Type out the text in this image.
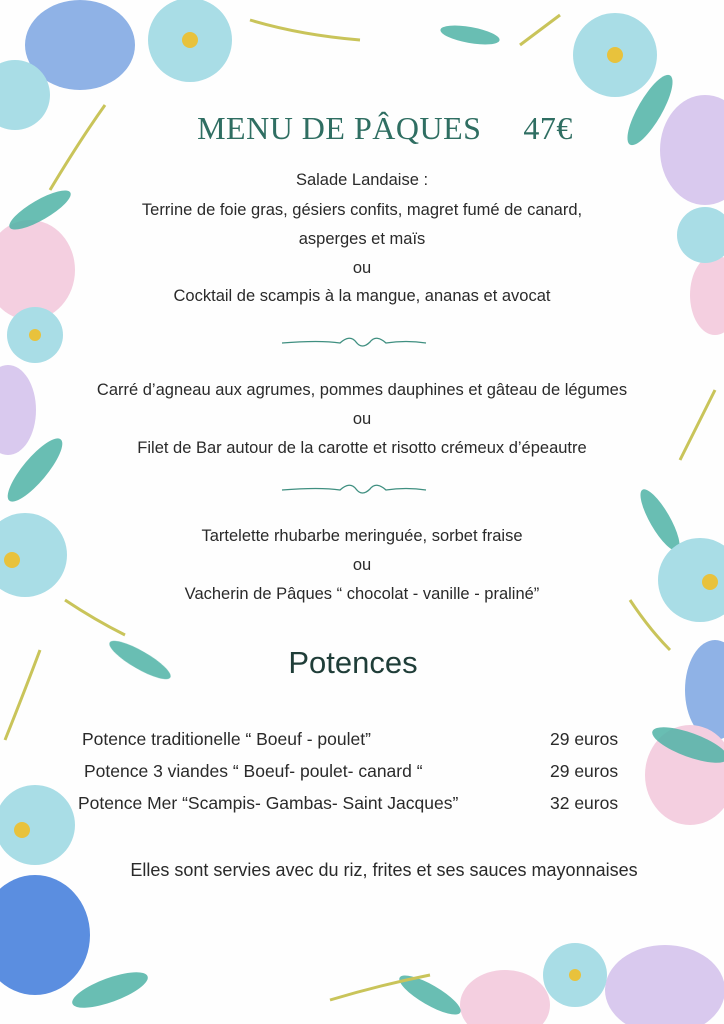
MENU DE PÂQUES 47€
Salade Landaise :
Terrine de foie gras, gésiers confits, magret fumé de canard,
asperges et maïs
ou
Cocktail de scampis à la mangue, ananas et avocat
Carré d’agneau aux agrumes, pommes dauphines et gâteau de légumes
ou
Filet de Bar autour de la carotte et risotto crémeux d’épeautre
Tartelette rhubarbe meringuée, sorbet fraise
ou
Vacherin de Pâques “ chocolat - vanille - praliné”
Potences
Potence traditionelle “ Boeuf - poulet”	29 euros
Potence 3 viandes “ Boeuf- poulet- canard “	29 euros
Potence Mer “Scampis- Gambas- Saint Jacques”	32 euros
Elles sont servies avec du riz, frites et ses sauces mayonnaises
